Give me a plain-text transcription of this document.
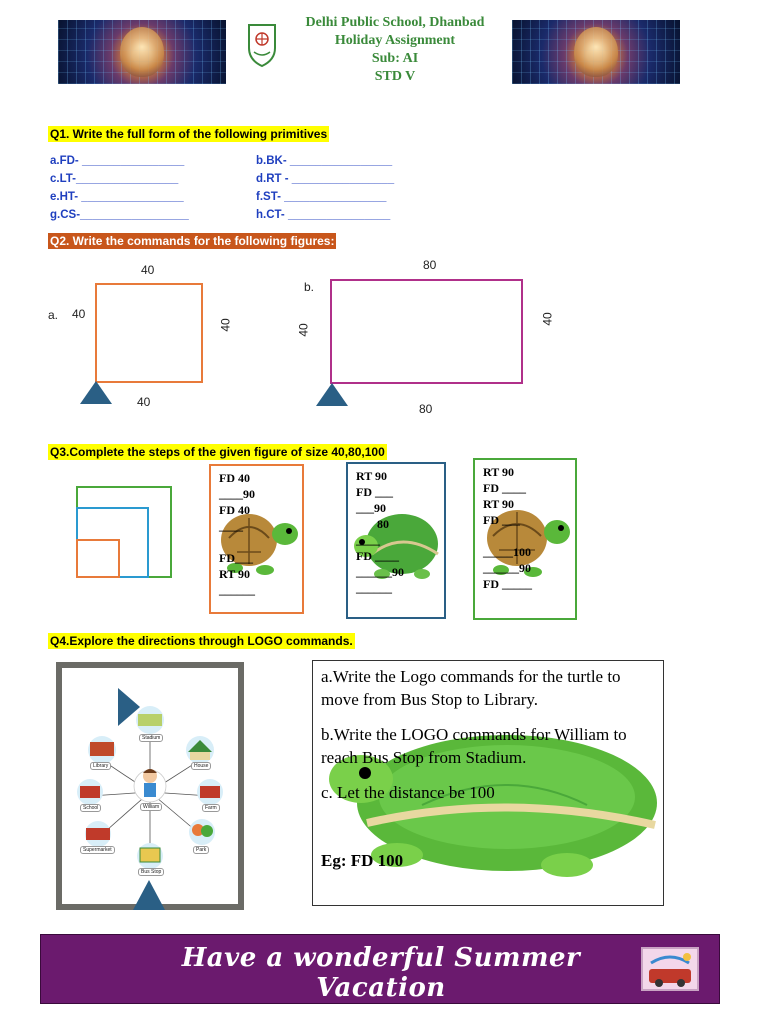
Delhi Public School, Dhanbad
Holiday Assignment
Sub: AI
STD V
Q1. Write the full form of the following primitives
a.FD- ________________	b.BK- ________________
c.LT-________________	d.RT - ________________
e.HT- ________________	f.ST- ________________
g.CS-_________________	h.CT- ________________
Q2. Write the commands for the following figures:
a.
40
40
40
40
b.
80
40
40
80
Q3.Complete the steps of the given figure of size 40,80,100
FD 40
____90
FD 40
____

FD___
RT 90
______
RT 90
FD ___
___90
80
____
FD ____
______90
______
RT 90
FD ____
RT 90
FD ___

_____100
______90
FD _____
Q4.Explore the directions through LOGO commands.
Stadium
Library	House
School	Farm
William
Supermarket	Park
Bus Stop
a.Write the Logo commands for the turtle to move from Bus Stop to Library.
b.Write the LOGO commands for William to reach Bus Stop from Stadium.
c. Let the distance be 100
Eg: FD 100
Have a wonderful Summer Vacation
